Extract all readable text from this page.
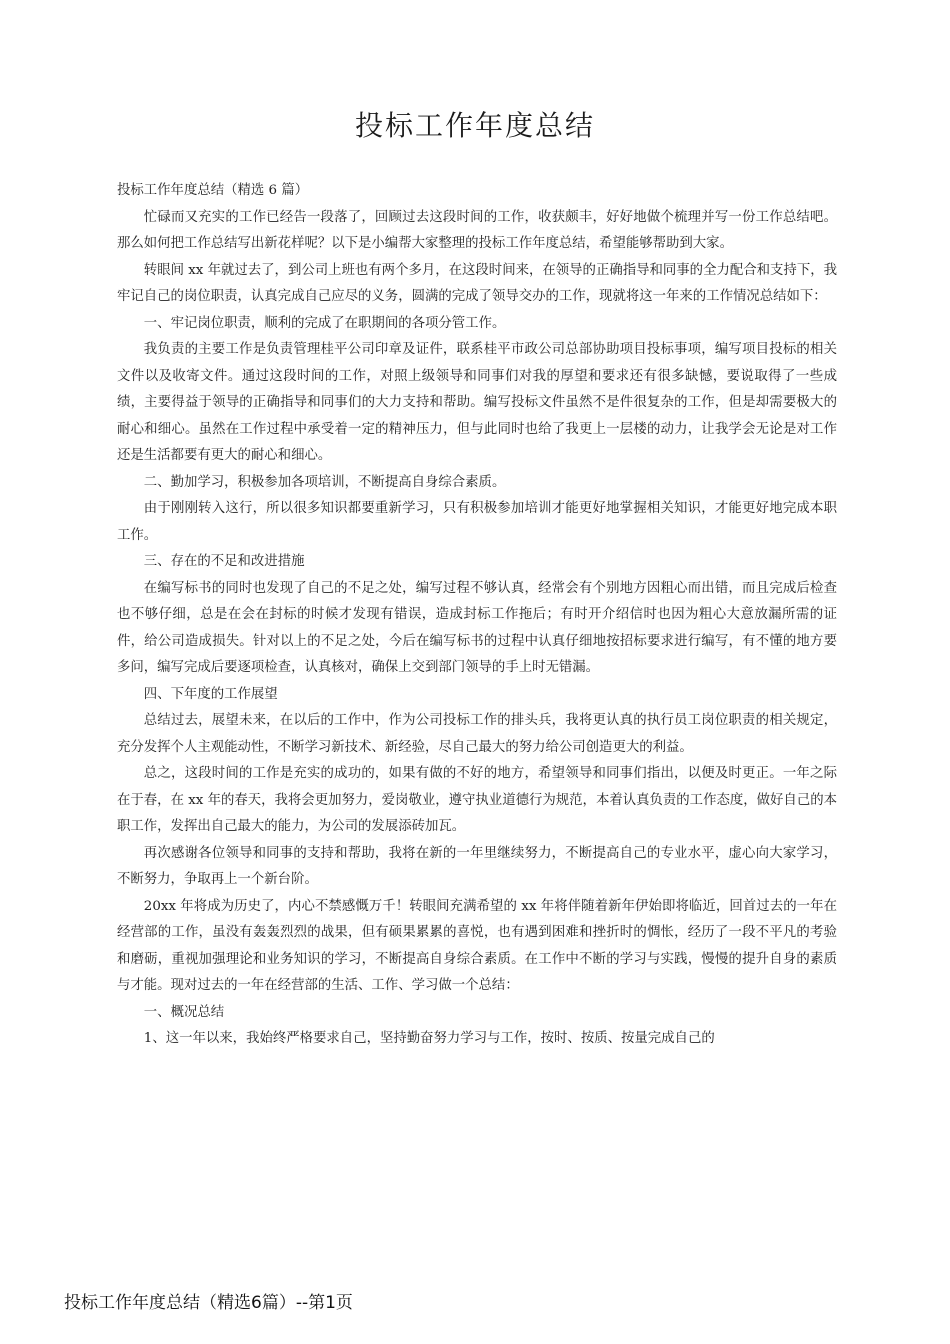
投标工作年度总结

投标工作年度总结（精选 6 篇）

忙碌而又充实的工作已经告一段落了，回顾过去这段时间的工作，收获颇丰，好好地做个梳理并写一份工作总结吧。那么如何把工作总结写出新花样呢？以下是小编帮大家整理的投标工作年度总结，希望能够帮助到大家。

转眼间 xx 年就过去了，到公司上班也有两个多月，在这段时间来，在领导的正确指导和同事的全力配合和支持下，我牢记自己的岗位职责，认真完成自己应尽的义务，圆满的完成了领导交办的工作，现就将这一年来的工作情况总结如下：

一、牢记岗位职责，顺利的完成了在职期间的各项分管工作。

我负责的主要工作是负责管理桂平公司印章及证件，联系桂平市政公司总部协助项目投标事项，编写项目投标的相关文件以及收寄文件。通过这段时间的工作，对照上级领导和同事们对我的厚望和要求还有很多缺憾，要说取得了一些成绩，主要得益于领导的正确指导和同事们的大力支持和帮助。编写投标文件虽然不是件很复杂的工作，但是却需要极大的耐心和细心。虽然在工作过程中承受着一定的精神压力，但与此同时也给了我更上一层楼的动力，让我学会无论是对工作还是生活都要有更大的耐心和细心。

二、勤加学习，积极参加各项培训，不断提高自身综合素质。

由于刚刚转入这行，所以很多知识都要重新学习，只有积极参加培训才能更好地掌握相关知识，才能更好地完成本职工作。

三、存在的不足和改进措施

在编写标书的同时也发现了自己的不足之处，编写过程不够认真，经常会有个别地方因粗心而出错，而且完成后检查也不够仔细，总是在会在封标的时候才发现有错误，造成封标工作拖后；有时开介绍信时也因为粗心大意放漏所需的证件，给公司造成损失。针对以上的不足之处，今后在编写标书的过程中认真仔细地按招标要求进行编写，有不懂的地方要多问，编写完成后要逐项检查，认真核对，确保上交到部门领导的手上时无错漏。

四、下年度的工作展望

总结过去，展望未来，在以后的工作中，作为公司投标工作的排头兵，我将更认真的执行员工岗位职责的相关规定，充分发挥个人主观能动性，不断学习新技术、新经验，尽自己最大的努力给公司创造更大的利益。

总之，这段时间的工作是充实的成功的，如果有做的不好的地方，希望领导和同事们指出，以便及时更正。一年之际在于春，在 xx 年的春天，我将会更加努力，爱岗敬业，遵守执业道德行为规范，本着认真负责的工作态度，做好自己的本职工作，发挥出自己最大的能力，为公司的发展添砖加瓦。

再次感谢各位领导和同事的支持和帮助，我将在新的一年里继续努力，不断提高自己的专业水平，虚心向大家学习，不断努力，争取再上一个新台阶。

20xx 年将成为历史了，内心不禁感慨万千！转眼间充满希望的 xx 年将伴随着新年伊始即将临近，回首过去的一年在经营部的工作，虽没有轰轰烈烈的战果，但有硕果累累的喜悦，也有遇到困难和挫折时的惆怅，经历了一段不平凡的考验和磨砺，重视加强理论和业务知识的学习，不断提高自身综合素质。在工作中不断的学习与实践，慢慢的提升自身的素质与才能。现对过去的一年在经营部的生活、工作、学习做一个总结：

一、概况总结

1、这一年以来，我始终严格要求自己，坚持勤奋努力学习与工作，按时、按质、按量完成自己的

投标工作年度总结（精选6篇）--第1页
